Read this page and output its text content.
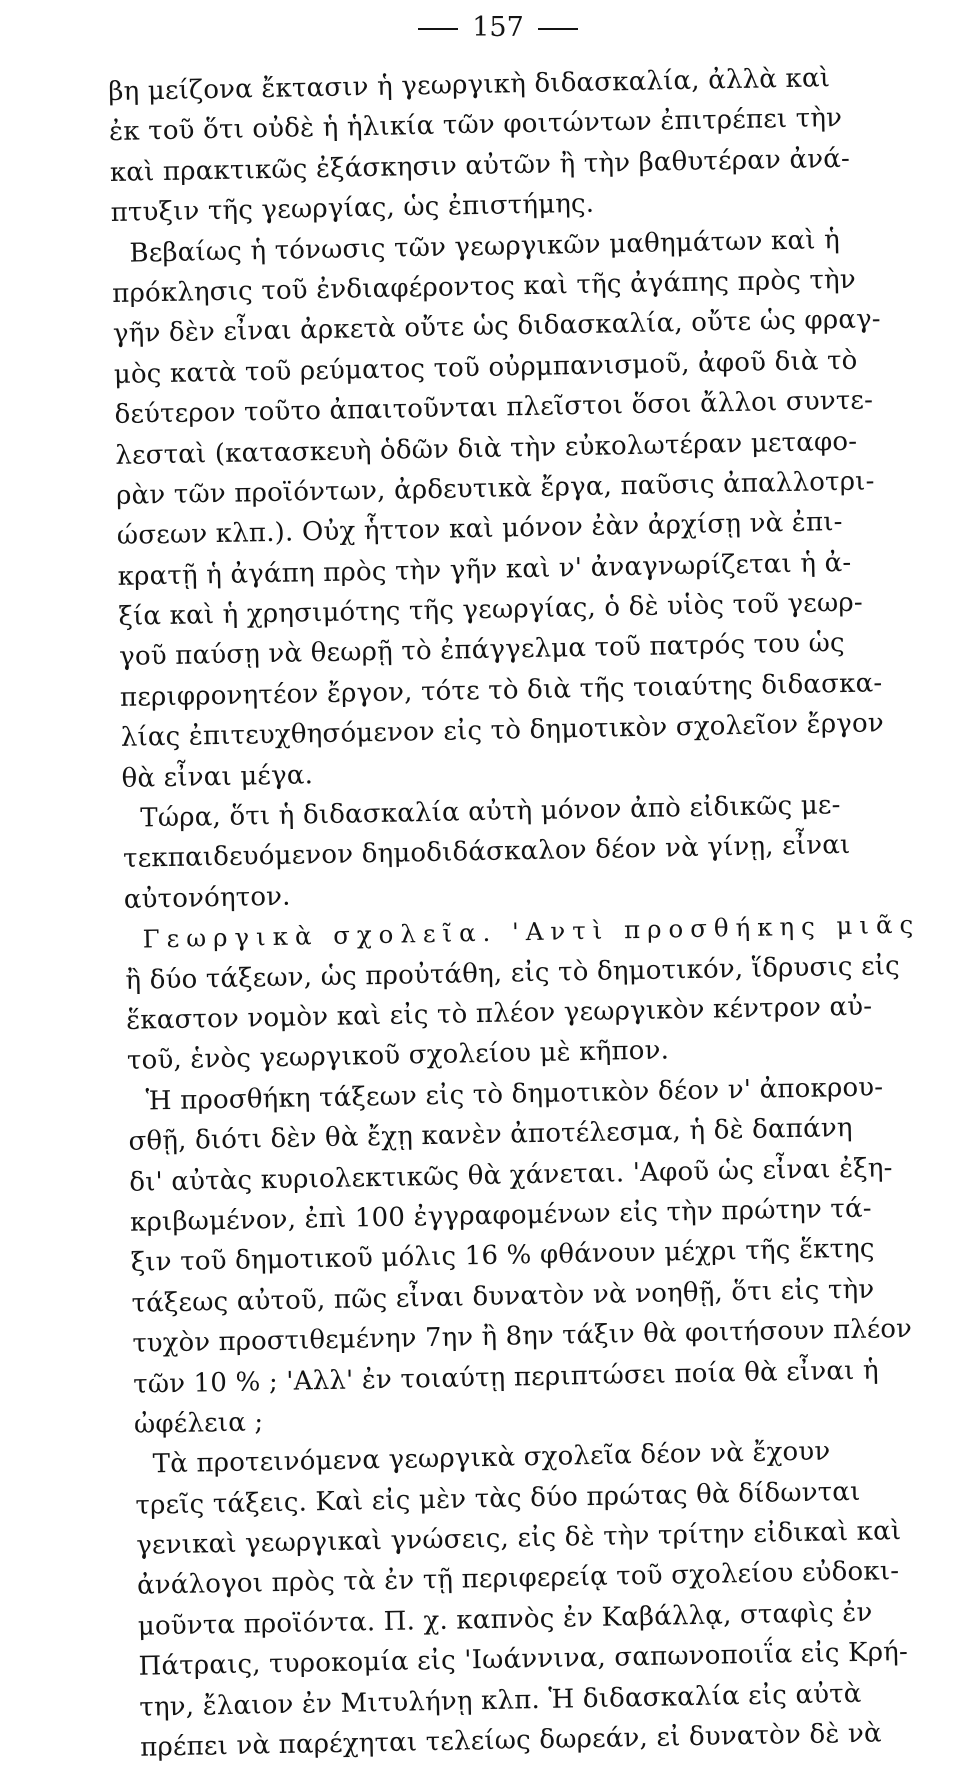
157
βη μείζονα ἔκτασιν ἡ γεωργικὴ διδασκαλία, ἀλλὰ καὶ
ἐκ τοῦ ὅτι οὐδὲ ἡ ἡλικία τῶν φοιτώντων ἐπιτρέπει τὴν
καὶ πρακτικῶς ἐξάσκησιν αὐτῶν ἢ τὴν βαθυτέραν ἀνά-
πτυξιν τῆς γεωργίας, ὡς ἐπιστήμης.
Βεβαίως ἡ τόνωσις τῶν γεωργικῶν μαθημάτων καὶ ἡ
πρόκλησις τοῦ ἐνδιαφέροντος καὶ τῆς ἀγάπης πρὸς τὴν
γῆν δὲν εἶναι ἀρκετὰ οὔτε ὡς διδασκαλία, οὔτε ὡς φραγ-
μὸς κατὰ τοῦ ρεύματος τοῦ οὐρμπανισμοῦ, ἀφοῦ διὰ τὸ
δεύτερον τοῦτο ἀπαιτοῦνται πλεῖστοι ὅσοι ἄλλοι συντε-
λεσταὶ (κατασκευὴ ὁδῶν διὰ τὴν εὐκολωτέραν μεταφο-
ρὰν τῶν προϊόντων, ἀρδευτικὰ ἔργα, παῦσις ἀπαλλοτρι-
ώσεων κλπ.). Οὐχ ἧττον καὶ μόνον ἐὰν ἀρχίσῃ νὰ ἐπι-
κρατῇ ἡ ἀγάπη πρὸς τὴν γῆν καὶ ν' ἀναγνωρίζεται ἡ ἀ-
ξία καὶ ἡ χρησιμότης τῆς γεωργίας, ὁ δὲ υἱὸς τοῦ γεωρ-
γοῦ παύσῃ νὰ θεωρῇ τὸ ἐπάγγελμα τοῦ πατρός του ὡς
περιφρονητέον ἔργον, τότε τὸ διὰ τῆς τοιαύτης διδασκα-
λίας ἐπιτευχθησόμενον εἰς τὸ δημοτικὸν σχολεῖον ἔργον
θὰ εἶναι μέγα.
Τώρα, ὅτι ἡ διδασκαλία αὐτὴ μόνον ἀπὸ εἰδικῶς με-
τεκπαιδευόμενον δημοδιδάσκαλον δέον νὰ γίνῃ, εἶναι
αὐτονόητον.
Γεωργικὰ σχολεῖα. 'Αντὶ προσθήκης μιᾶς
ἢ δύο τάξεων, ὡς προὐτάθη, εἰς τὸ δημοτικόν, ἵδρυσις εἰς
ἕκαστον νομὸν καὶ εἰς τὸ πλέον γεωργικὸν κέντρον αὐ-
τοῦ, ἑνὸς γεωργικοῦ σχολείου μὲ κῆπον.
Ἡ προσθήκη τάξεων εἰς τὸ δημοτικὸν δέον ν' ἀποκρου-
σθῇ, διότι δὲν θὰ ἔχῃ κανὲν ἀποτέλεσμα, ἡ δὲ δαπάνη
δι' αὐτὰς κυριολεκτικῶς θὰ χάνεται. 'Αφοῦ ὡς εἶναι ἐξη-
κριβωμένον, ἐπὶ 100 ἐγγραφομένων εἰς τὴν πρώτην τά-
ξιν τοῦ δημοτικοῦ μόλις 16 % φθάνουν μέχρι τῆς ἕκτης
τάξεως αὐτοῦ, πῶς εἶναι δυνατὸν νὰ νοηθῇ, ὅτι εἰς τὴν
τυχὸν προστιθεμένην 7ην ἢ 8ην τάξιν θὰ φοιτήσουν πλέον
τῶν 10 % ; 'Αλλ' ἐν τοιαύτῃ περιπτώσει ποία θὰ εἶναι ἡ
ὠφέλεια ;
Τὰ προτεινόμενα γεωργικὰ σχολεῖα δέον νὰ ἔχουν
τρεῖς τάξεις. Καὶ εἰς μὲν τὰς δύο πρώτας θὰ δίδωνται
γενικαὶ γεωργικαὶ γνώσεις, εἰς δὲ τὴν τρίτην εἰδικαὶ καὶ
ἀνάλογοι πρὸς τὰ ἐν τῇ περιφερείᾳ τοῦ σχολείου εὐδοκι-
μοῦντα προϊόντα. Π. χ. καπνὸς ἐν Καβάλλᾳ, σταφὶς ἐν
Πάτραις, τυροκομία εἰς 'Ιωάννινα, σαπωνοποιΐα εἰς Κρή-
την, ἔλαιον ἐν Μιτυλήνῃ κλπ. Ἡ διδασκαλία εἰς αὐτὰ
πρέπει νὰ παρέχηται τελείως δωρεάν, εἰ δυνατὸν δὲ νὰ
